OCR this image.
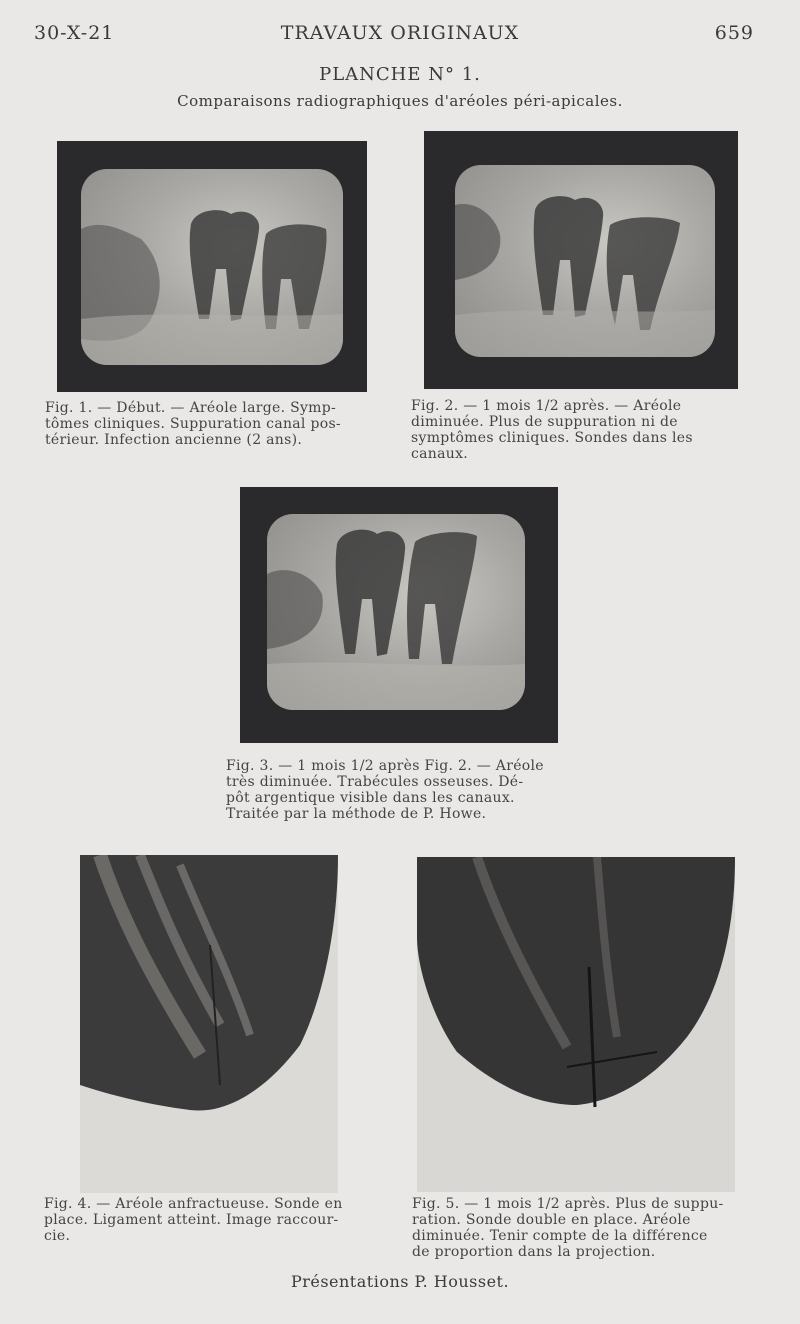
30-X-21	TRAVAUX ORIGINAUX	659
PLANCHE N° 1.
Comparaisons radiographiques d'aréoles péri-apicales.
Fig. 1. — Début. — Aréole large. Symp-
tômes cliniques. Suppuration canal pos-
térieur. Infection ancienne (2 ans).
Fig. 2. — 1 mois 1/2 après. — Aréole
diminuée. Plus de suppuration ni de
symptômes cliniques. Sondes dans les
canaux.
Fig. 3. — 1 mois 1/2 après Fig. 2. — Aréole
très diminuée. Trabécules osseuses. Dé-
pôt argentique visible dans les canaux.
Traitée par la méthode de P. Howe.
Fig. 4. — Aréole anfractueuse. Sonde en
place. Ligament atteint. Image raccour-
cie.
Fig. 5. — 1 mois 1/2 après. Plus de suppu-
ration. Sonde double en place. Aréole
diminuée. Tenir compte de la différence
de proportion dans la projection.
Présentations P. Housset.
